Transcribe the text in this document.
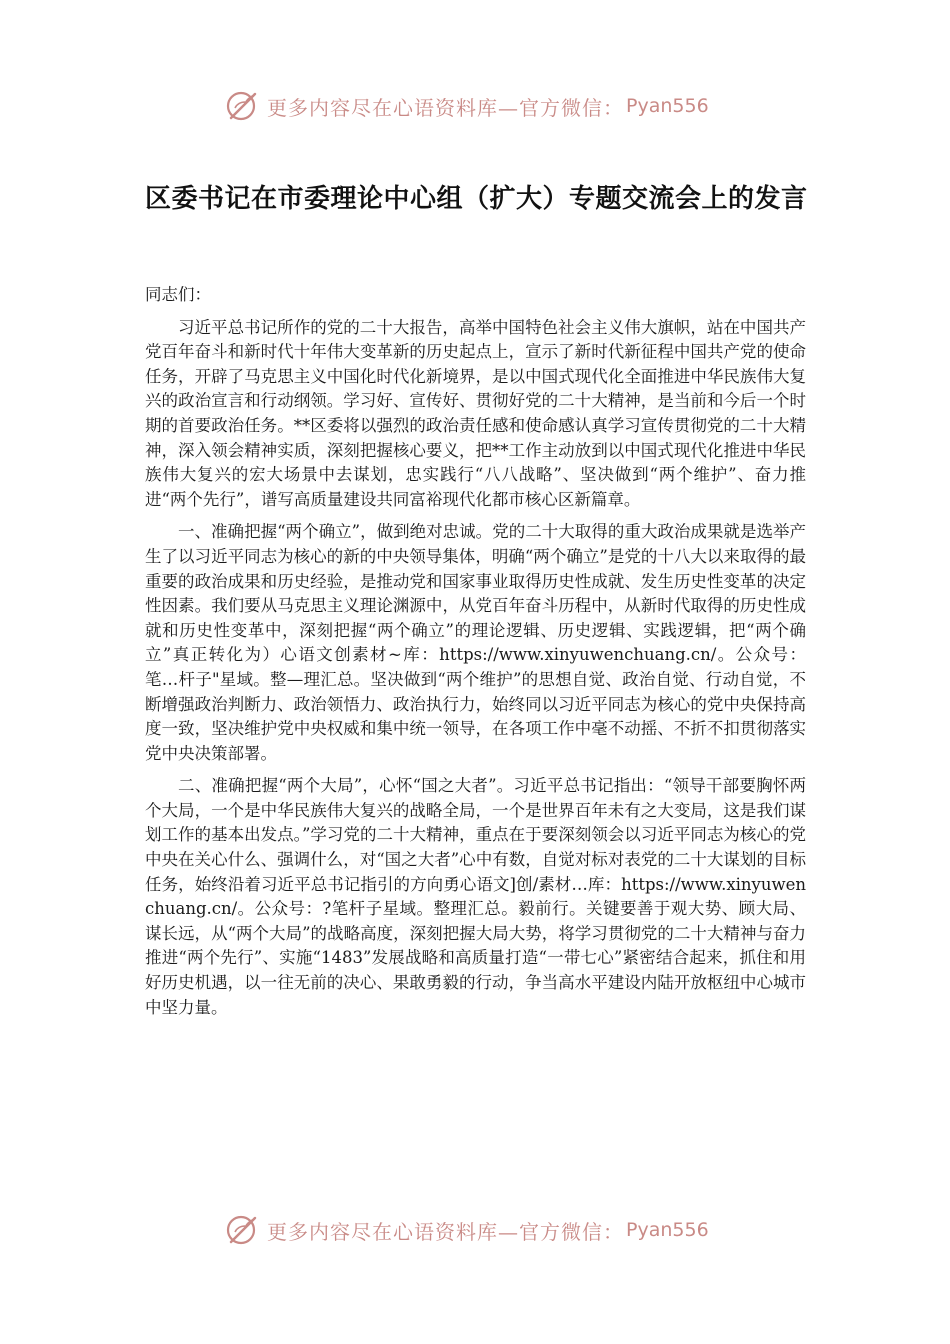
更多内容尽在心语资料库—官方微信： Pyan556
区委书记在市委理论中心组（扩大）专题交流会上的发言

同志们：

习近平总书记所作的党的二十大报告，高举中国特色社会主义伟大旗帜，站在中国共产党百年奋斗和新时代十年伟大变革新的历史起点上，宣示了新时代新征程中国共产党的使命任务，开辟了马克思主义中国化时代化新境界，是以中国式现代化全面推进中华民族伟大复兴的政治宣言和行动纲领。学习好、宣传好、贯彻好党的二十大精神，是当前和今后一个时期的首要政治任务。**区委将以强烈的政治责任感和使命感认真学习宣传贯彻党的二十大精神，深入领会精神实质，深刻把握核心要义，把**工作主动放到以中国式现代化推进中华民族伟大复兴的宏大场景中去谋划，忠实践行“八八战略”、坚决做到“两个维护”、奋力推进“两个先行”，谱写高质量建设共同富裕现代化都市核心区新篇章。

一、准确把握“两个确立”，做到绝对忠诚。党的二十大取得的重大政治成果就是选举产生了以习近平同志为核心的新的中央领导集体，明确“两个确立”是党的十八大以来取得的最重要的政治成果和历史经验，是推动党和国家事业取得历史性成就、发生历史性变革的决定性因素。我们要从马克思主义理论渊源中，从党百年奋斗历程中，从新时代取得的历史性成就和历史性变革中，深刻把握“两个确立”的理论逻辑、历史逻辑、实践逻辑，把“两个确立”真正转化为）心语文创素材~库：https://www.xinyuwenchuang.cn/。公众号：笔…杆子"星域。整—理汇总。坚决做到“两个维护”的思想自觉、政治自觉、行动自觉，不断增强政治判断力、政治领悟力、政治执行力，始终同以习近平同志为核心的党中央保持高度一致，坚决维护党中央权威和集中统一领导，在各项工作中毫不动摇、不折不扣贯彻落实党中央决策部署。

二、准确把握“两个大局”，心怀“国之大者”。习近平总书记指出：“领导干部要胸怀两个大局，一个是中华民族伟大复兴的战略全局，一个是世界百年未有之大变局，这是我们谋划工作的基本出发点。”学习党的二十大精神，重点在于要深刻领会以习近平同志为核心的党中央在关心什么、强调什么，对“国之大者”心中有数，自觉对标对表党的二十大谋划的目标任务，始终沿着习近平总书记指引的方向勇心语文]创/素材…库：https://www.xinyuwenchuang.cn/。公众号：?笔杆子星域。整理汇总。毅前行。关键要善于观大势、顾大局、谋长远，从“两个大局”的战略高度，深刻把握大局大势，将学习贯彻党的二十大精神与奋力推进“两个先行”、实施“1483”发展战略和高质量打造“一带七心”紧密结合起来，抓住和用好历史机遇，以一往无前的决心、果敢勇毅的行动，争当高水平建设内陆开放枢纽中心城市中坚力量。

更多内容尽在心语资料库—官方微信： Pyan556
